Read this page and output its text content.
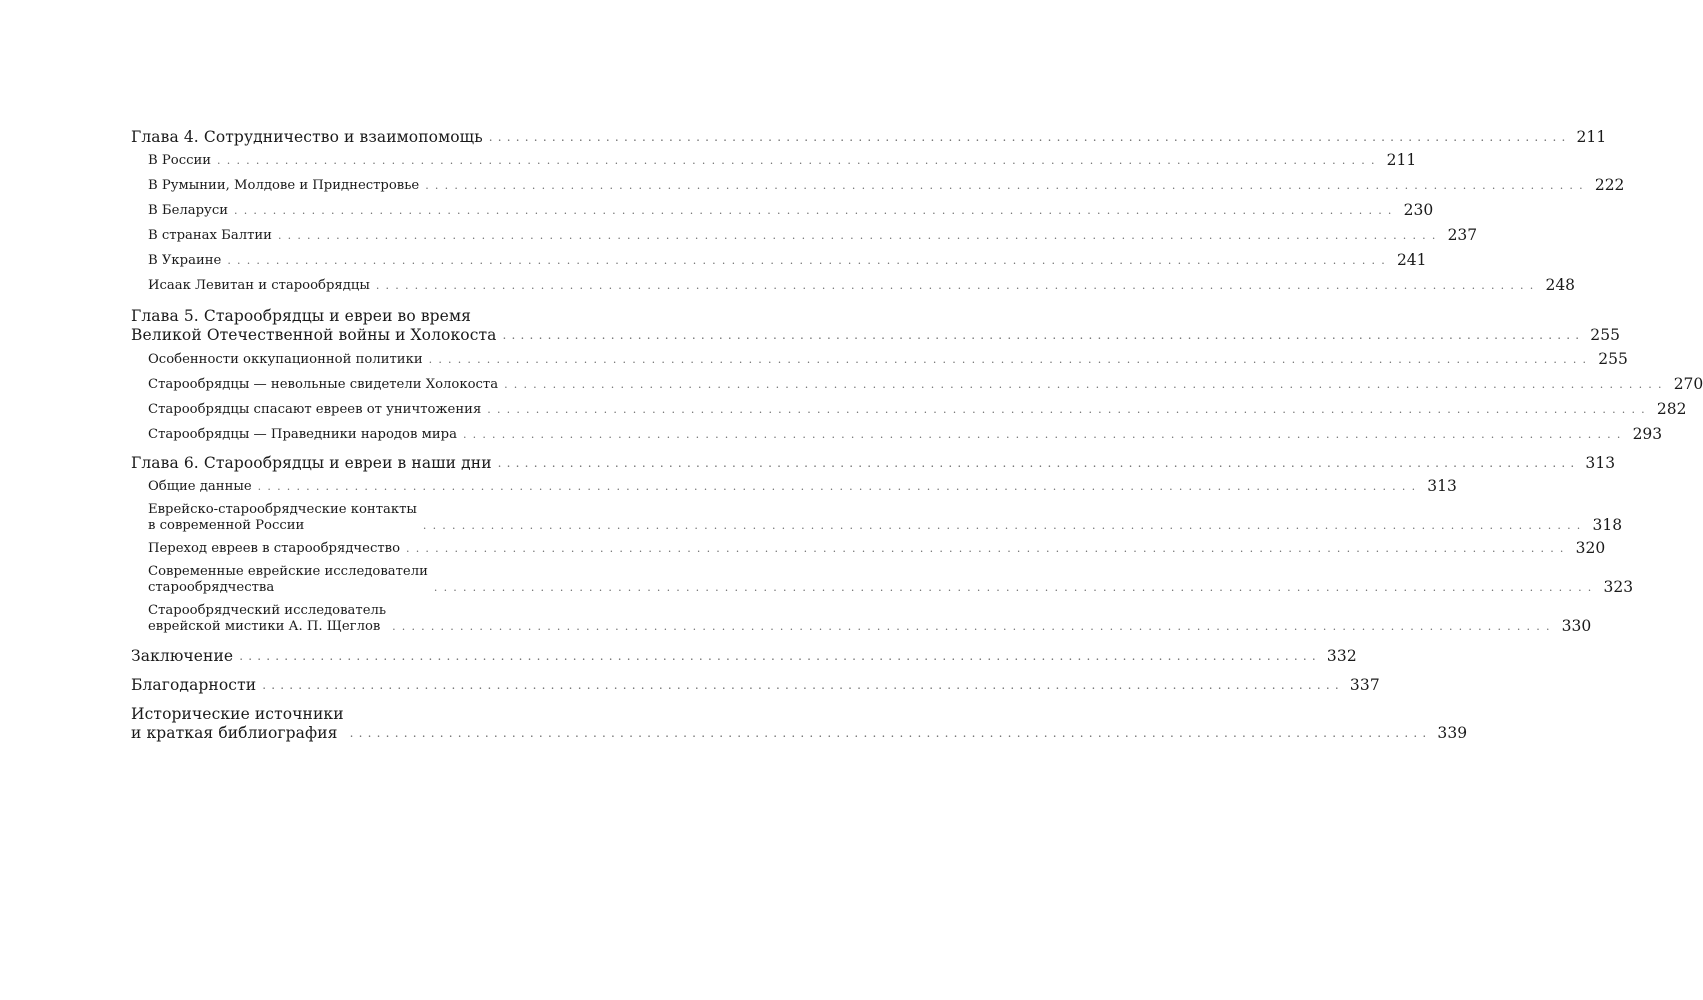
Глава 4. Сотрудничество и взаимопомощь ........................................................................................................................ 211
В России ........................................................................................................................ 211
В Румынии, Молдове и Приднестровье ........................................................................................................................ 222
В Беларуси ........................................................................................................................ 230
В странах Балтии ........................................................................................................................ 237
В Украине ........................................................................................................................ 241
Исаак Левитан и старообрядцы ........................................................................................................................ 248
Глава 5. Старообрядцы и евреи во время
Великой Отечественной войны и Холокоста ........................................................................................................................ 255
Особенности оккупационной политики ........................................................................................................................ 255
Старообрядцы — невольные свидетели Холокоста ........................................................................................................................ 270
Старообрядцы спасают евреев от уничтожения ........................................................................................................................ 282
Старообрядцы — Праведники народов мира ........................................................................................................................ 293
Глава 6. Старообрядцы и евреи в наши дни ........................................................................................................................ 313
Общие данные ........................................................................................................................ 313
Еврейско-старообрядческие контакты
в современной России	........................................................................................................................ 318
Переход евреев в старообрядчество ........................................................................................................................ 320
Современные еврейские исследователи
старообрядчества	........................................................................................................................ 323
Старообрядческий исследователь
еврейской мистики А. П. Щеглов	........................................................................................................................ 330
Заключение ........................................................................................................................ 332
Благодарности ........................................................................................................................ 337
Исторические источники
и краткая библиография	........................................................................................................................ 339
